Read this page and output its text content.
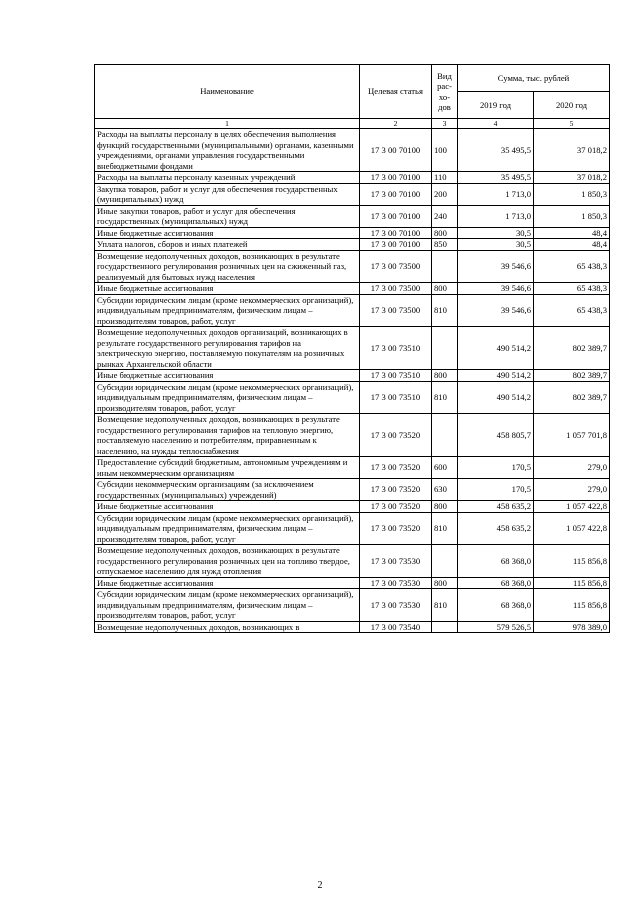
Наименование	Целевая статья	Вид рас-хо-дов	Сумма, тыс. рублей	
			2019 год	2020 год
1	2	3	4	5
Расходы на выплаты персоналу в целях обеспечения выполнения функций государственными (муниципальными) органами, казенными учреждениями, органами управления государственными внебюджетными фондами	17 3 00 70100	100	35 495,5	37 018,2
Расходы на выплаты персоналу казенных учреждений	17 3 00 70100	110	35 495,5	37 018,2
Закупка товаров, работ и услуг для обеспечения государственных (муниципальных) нужд	17 3 00 70100	200	1 713,0	1 850,3
Иные закупки товаров, работ и услуг для обеспечения государственных (муниципальных) нужд	17 3 00 70100	240	1 713,0	1 850,3
Иные бюджетные ассигнования	17 3 00 70100	800	30,5	48,4
Уплата налогов, сборов и иных платежей	17 3 00 70100	850	30,5	48,4
Возмещение недополученных доходов, возникающих в результате государственного регулирования розничных цен на сжиженный газ, реализуемый для бытовых нужд населения	17 3 00 73500		39 546,6	65 438,3
Иные бюджетные ассигнования	17 3 00 73500	800	39 546,6	65 438,3
Субсидии юридическим лицам (кроме некоммерческих организаций), индивидуальным предпринимателям, физическим лицам – производителям товаров, работ, услуг	17 3 00 73500	810	39 546,6	65 438,3
Возмещение недополученных доходов организаций, возникающих в результате государственного регулирования тарифов на электрическую энергию, поставляемую покупателям на розничных рынках Архангельской области	17 3 00 73510		490 514,2	802 389,7
Иные бюджетные ассигнования	17 3 00 73510	800	490 514,2	802 389,7
Субсидии юридическим лицам (кроме некоммерческих организаций), индивидуальным предпринимателям, физическим лицам – производителям товаров, работ, услуг	17 3 00 73510	810	490 514,2	802 389,7
Возмещение недополученных доходов, возникающих в результате государственного регулирования тарифов на тепловую энергию, поставляемую населению и потребителям, приравненным к населению, на нужды теплоснабжения	17 3 00 73520		458 805,7	1 057 701,8
Предоставление субсидий бюджетным, автономным учреждениям и иным некоммерческим организациям	17 3 00 73520	600	170,5	279,0
Субсидии некоммерческим организациям (за исключением государственных (муниципальных) учреждений)	17 3 00 73520	630	170,5	279,0
Иные бюджетные ассигнования	17 3 00 73520	800	458 635,2	1 057 422,8
Субсидии юридическим лицам (кроме некоммерческих организаций), индивидуальным предпринимателям, физическим лицам – производителям товаров, работ, услуг	17 3 00 73520	810	458 635,2	1 057 422,8
Возмещение недополученных доходов, возникающих в результате государственного регулирования розничных цен на топливо твердое, отпускаемое населению для нужд отопления	17 3 00 73530		68 368,0	115 856,8
Иные бюджетные ассигнования	17 3 00 73530	800	68 368,0	115 856,8
Субсидии юридическим лицам (кроме некоммерческих организаций), индивидуальным предпринимателям, физическим лицам – производителям товаров, работ, услуг	17 3 00 73530	810	68 368,0	115 856,8
Возмещение недополученных доходов, возникающих в	17 3 00 73540		579 526,5	978 389,0
2
